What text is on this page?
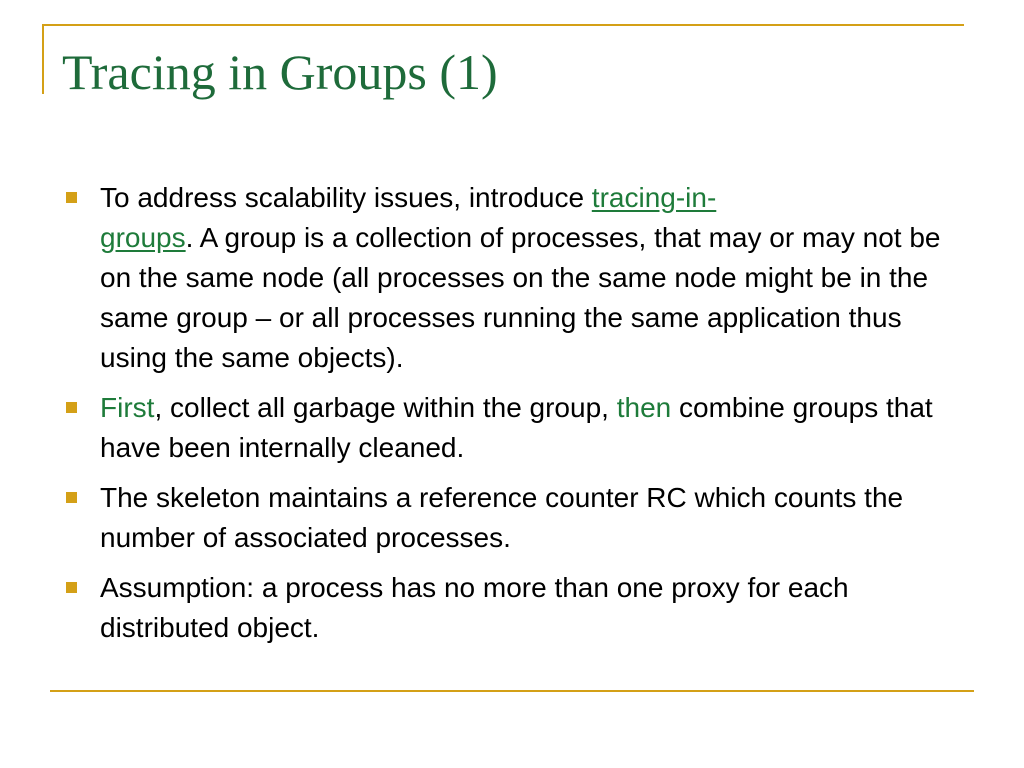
Tracing in Groups (1)
To address scalability issues, introduce tracing-in-
groups. A group is a collection of processes, that may or may not be on the same node (all processes on the same node might be in the same group – or all processes running the same application thus using the same objects).
First, collect all garbage within the group, then combine groups that have been internally cleaned.
The skeleton maintains a reference counter RC which counts the number of associated processes.
Assumption: a process has no more than one proxy for each distributed object.
